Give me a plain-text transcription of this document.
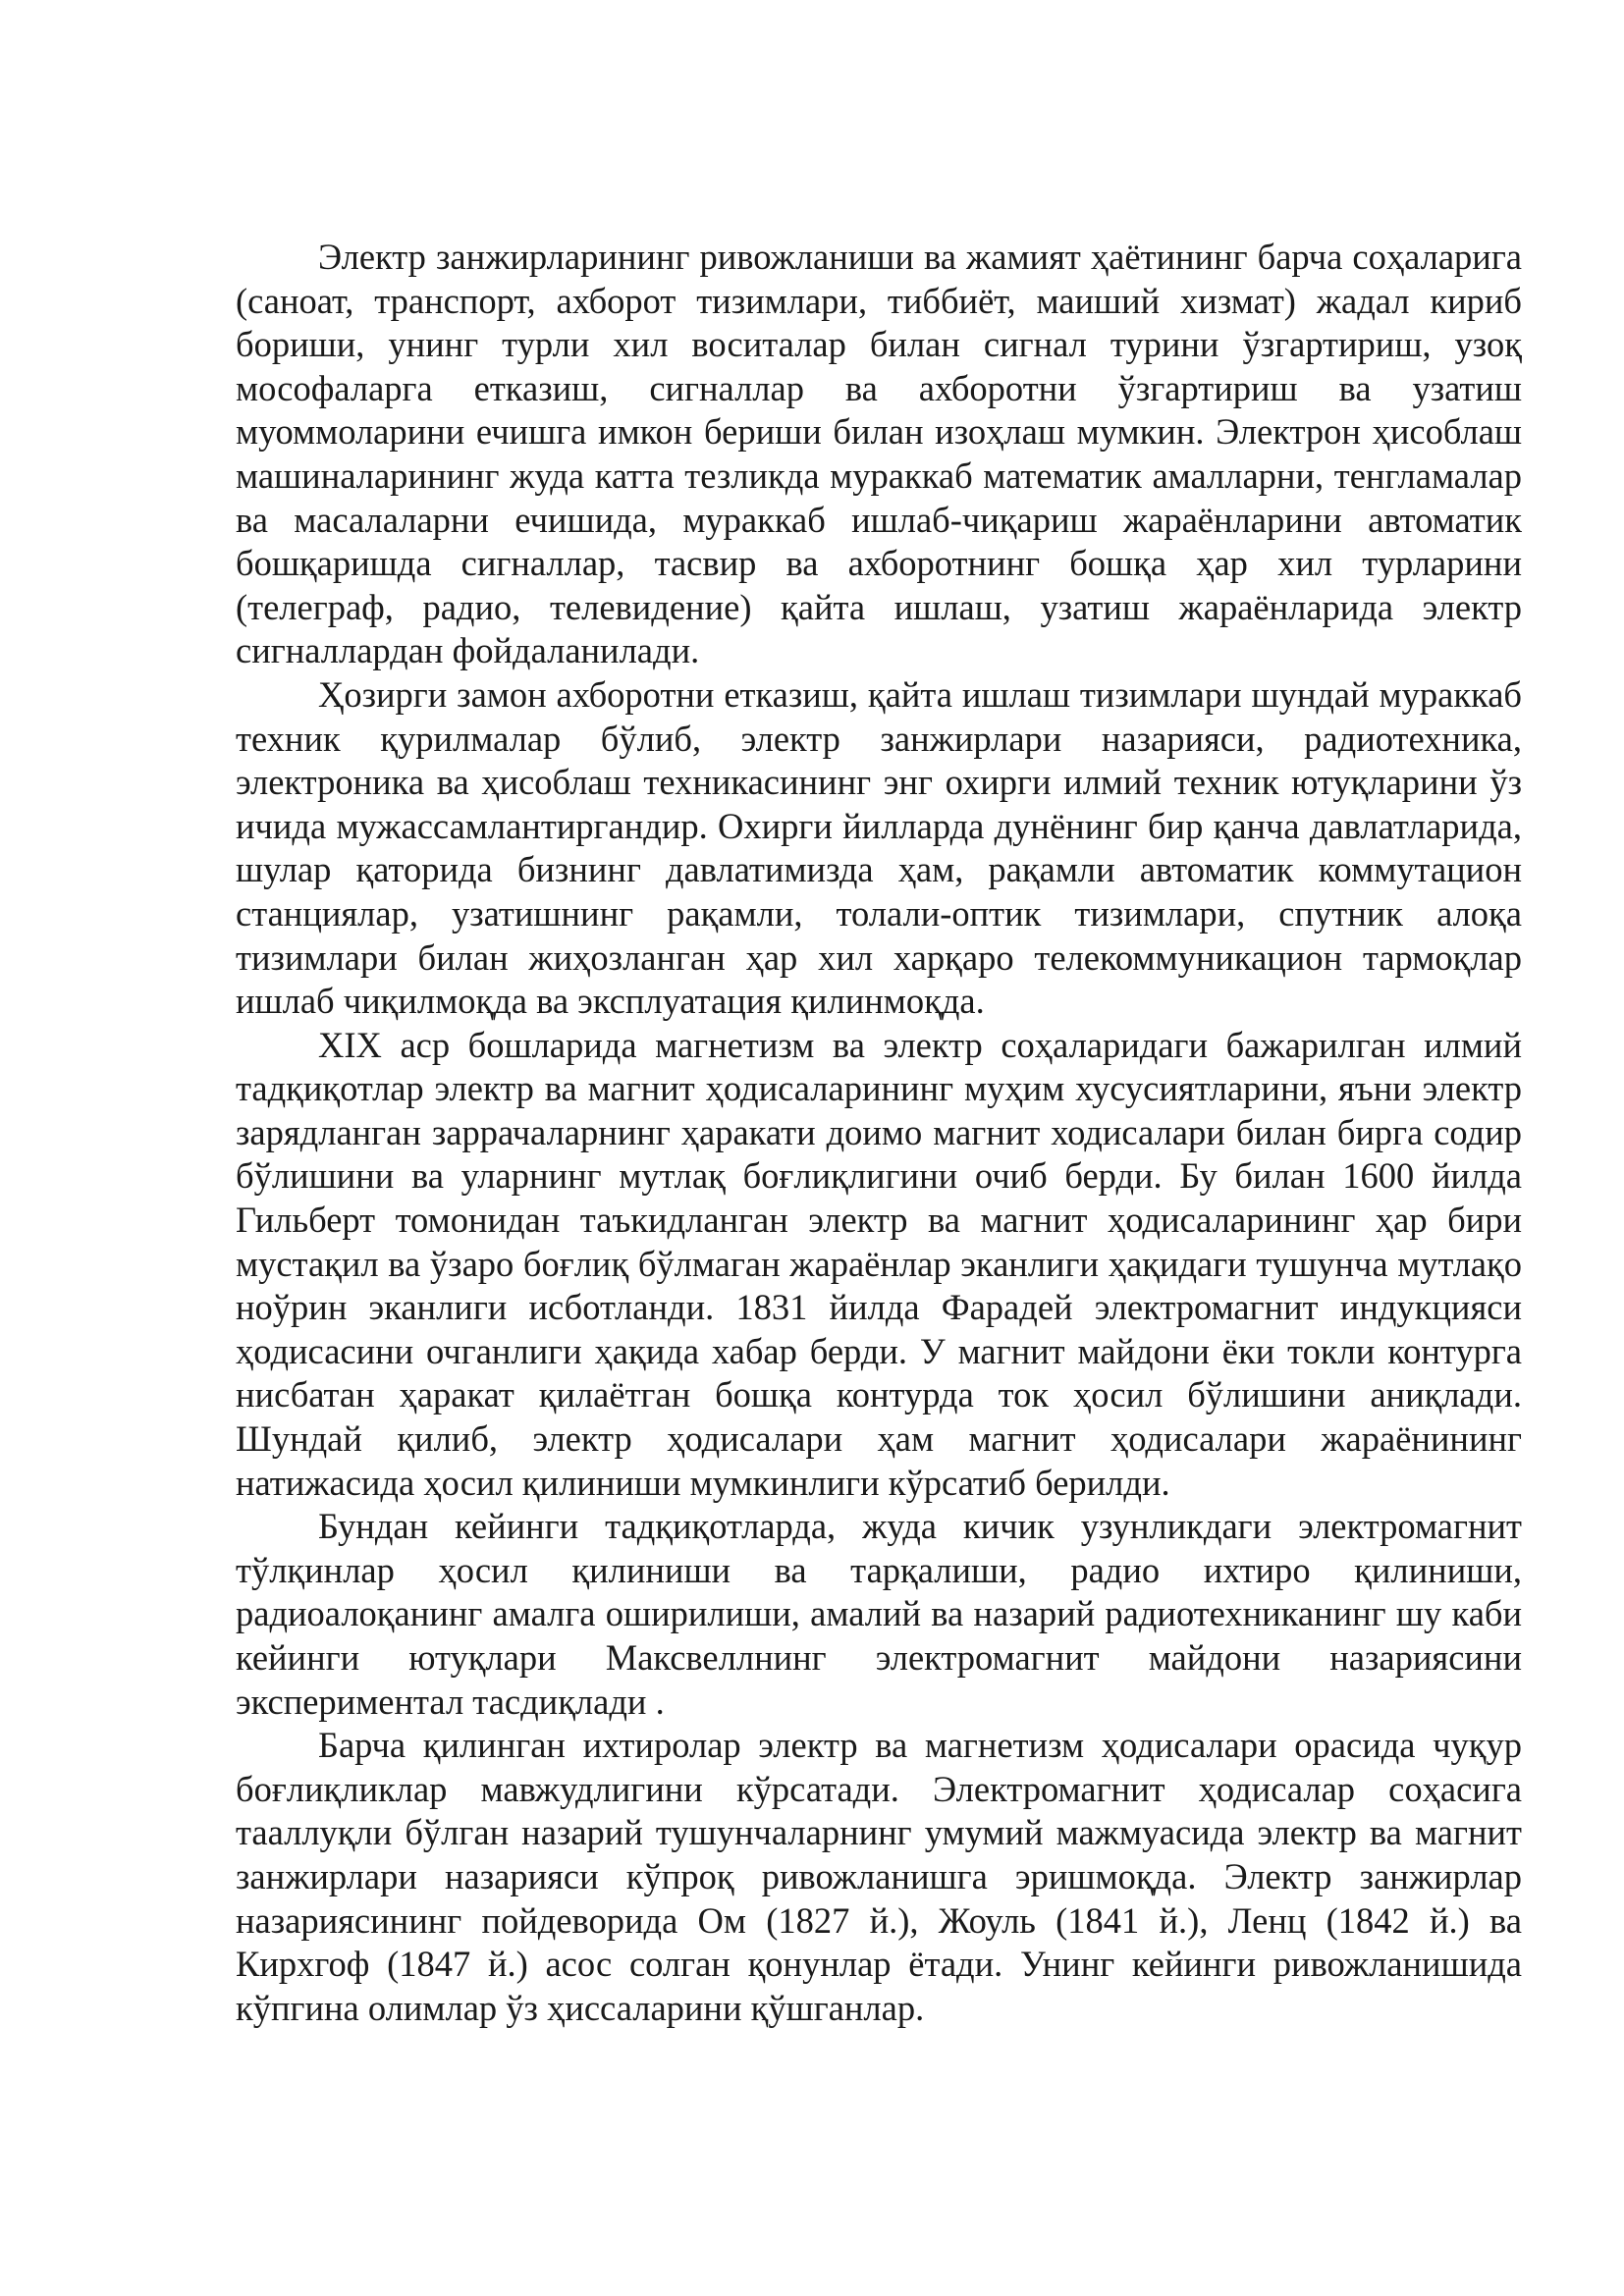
Электр занжирларининг ривожланиши ва жамият ҳаётининг барча соҳаларига (саноат, транспорт, ахборот тизимлари, тиббиёт, маиший хизмат) жадал кириб бориши, унинг турли хил воситалар билан сигнал турини ўзгартириш, узоқ мософаларга етказиш, сигналлар ва ахборотни ўзгартириш ва узатиш муоммоларини ечишга имкон бериши билан изоҳлаш мумкин. Электрон ҳисоблаш машиналарининг жуда катта тезликда мураккаб математик амалларни, тенгламалар ва масалаларни ечишида, мураккаб ишлаб-чиқариш жараёнларини автоматик бошқаришда сигналлар, тасвир ва ахборотнинг бошқа ҳар хил турларини (телеграф, радио, телевидение) қайта ишлаш, узатиш жараёнларида электр сигналлардан фойдаланилади.

Ҳозирги замон ахборотни етказиш, қайта ишлаш тизимлари шундай мураккаб техник қурилмалар бўлиб, электр занжирлари назарияси, радиотехника, электроника ва ҳисоблаш техникасининг энг охирги илмий техник ютуқларини ўз ичида мужассамлантиргандир. Охирги йилларда дунёнинг бир қанча давлатларида, шулар қаторида бизнинг давлатимизда ҳам, рақамли автоматик коммутацион станциялар, узатишнинг рақамли, толали-оптик тизимлари, спутник алоқа тизимлари билан жиҳозланган ҳар хил харқаро телекоммуникацион тармоқлар ишлаб чиқилмоқда ва эксплуатация қилинмоқда.

XIX аср бошларида магнетизм ва электр соҳаларидаги бажарилган илмий тадқиқотлар электр ва магнит ҳодисаларининг муҳим хусусиятларини, яъни электр зарядланган заррачаларнинг ҳаракати доимо магнит ходисалари билан бирга содир бўлишини ва уларнинг мутлақ боғлиқлигини очиб берди. Бу билан 1600 йилда Гильберт томонидан таъкидланган электр ва магнит ҳодисаларининг ҳар бири мустақил ва ўзаро боғлиқ бўлмаган жараёнлар эканлиги ҳақидаги тушунча мутлақо ноўрин эканлиги исботланди. 1831 йилда Фарадей электромагнит индукцияси ҳодисасини очганлиги ҳақида хабар берди. У магнит майдони ёки токли контурга нисбатан ҳаракат қилаётган бошқа контурда ток ҳосил бўлишини аниқлади. Шундай қилиб, электр ҳодисалари ҳам магнит ҳодисалари жараёнининг натижасида ҳосил қилиниши мумкинлиги кўрсатиб берилди.

Бундан кейинги тадқиқотларда, жуда кичик узунликдаги электромагнит тўлқинлар ҳосил қилиниши ва тарқалиши, радио ихтиро қилиниши, радиоалоқанинг амалга оширилиши, амалий ва назарий радиотехниканинг шу каби кейинги ютуқлари Максвеллнинг электромагнит майдони назариясини экспериментал тасдиқлади .

Барча қилинган ихтиролар электр ва магнетизм ҳодисалари орасида чуқур боғлиқликлар мавжудлигини кўрсатади. Электромагнит ҳодисалар соҳасига тааллуқли бўлган назарий тушунчаларнинг умумий мажмуасида электр ва магнит занжирлари назарияси кўпроқ ривожланишга эришмоқда. Электр занжирлар назариясининг пойдеворида Ом (1827 й.), Жоуль (1841 й.), Ленц (1842 й.) ва Кирхгоф (1847 й.) асос солган қонунлар ётади. Унинг кейинги ривожланишида кўпгина олимлар ўз ҳиссаларини қўшганлар.
